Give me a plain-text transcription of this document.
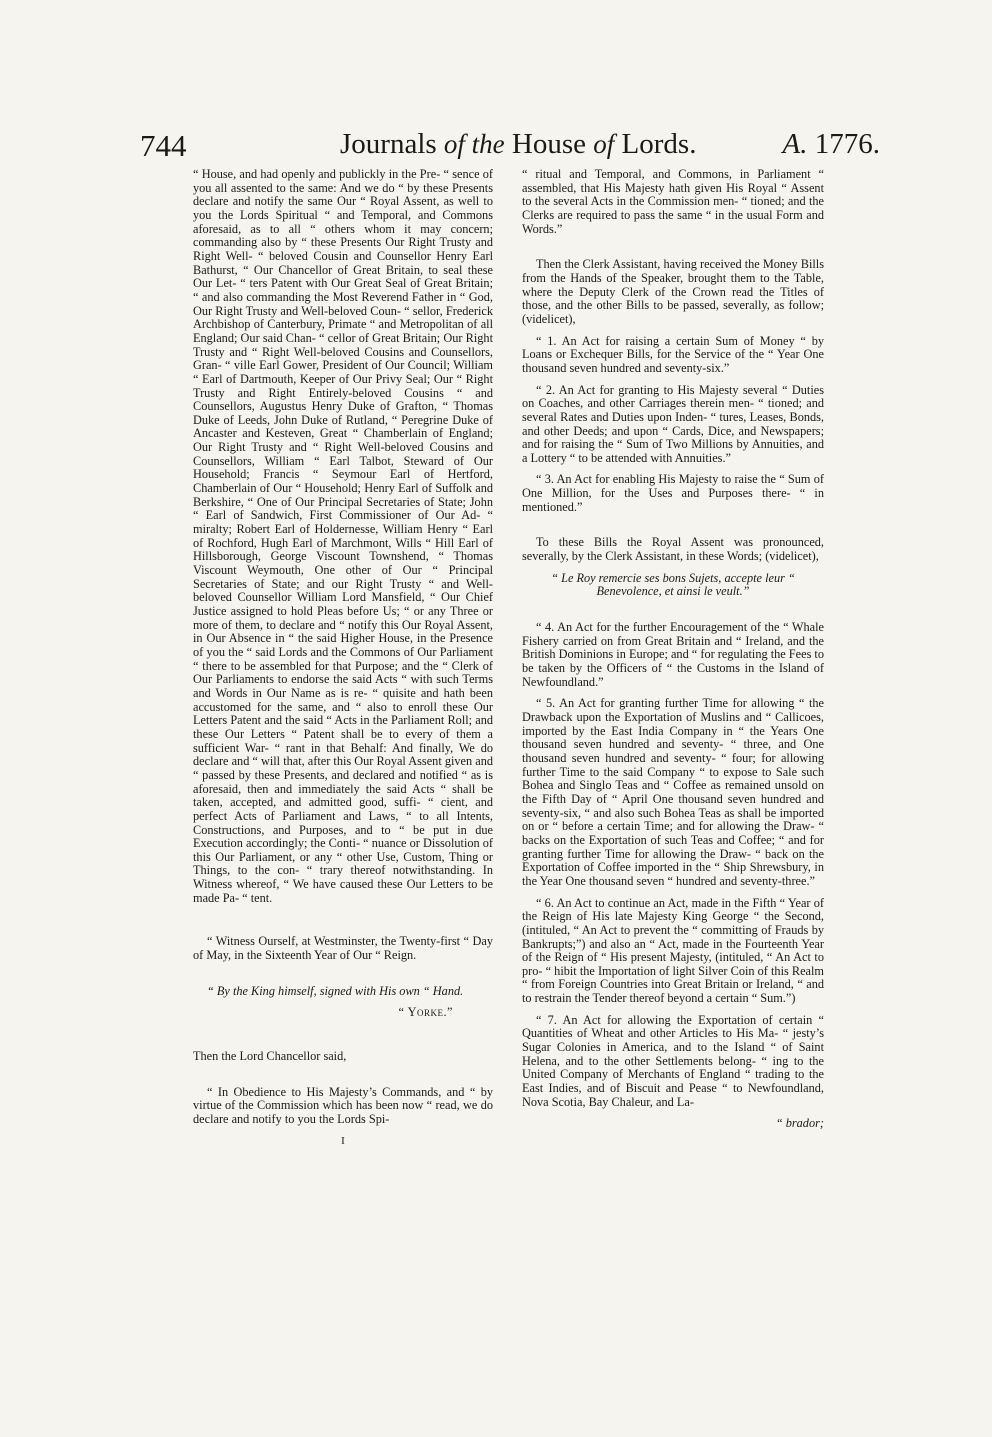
744	Journals of the House of Lords.	A. 1776.

“ House, and had openly and publickly in the Pre- “ sence of you all assented to the same: And we do “ by these Presents declare and notify the same Our “ Royal Assent, as well to you the Lords Spiritual “ and Temporal, and Commons aforesaid, as to all “ others whom it may concern; commanding also by “ these Presents Our Right Trusty and Right Well- “ beloved Cousin and Counsellor Henry Earl Bathurst, “ Our Chancellor of Great Britain, to seal these Our Let- “ ters Patent with Our Great Seal of Great Britain; “ and also commanding the Most Reverend Father in “ God, Our Right Trusty and Well-beloved Coun- “ sellor, Frederick Archbishop of Canterbury, Primate “ and Metropolitan of all England; Our said Chan- “ cellor of Great Britain; Our Right Trusty and “ Right Well-beloved Cousins and Counsellors, Gran- “ ville Earl Gower, President of Our Council; William “ Earl of Dartmouth, Keeper of Our Privy Seal; Our “ Right Trusty and Right Entirely-beloved Cousins “ and Counsellors, Augustus Henry Duke of Grafton, “ Thomas Duke of Leeds, John Duke of Rutland, “ Peregrine Duke of Ancaster and Kesteven, Great “ Chamberlain of England; Our Right Trusty and “ Right Well-beloved Cousins and Counsellors, William “ Earl Talbot, Steward of Our Household; Francis “ Seymour Earl of Hertford, Chamberlain of Our “ Household; Henry Earl of Suffolk and Berkshire, “ One of Our Principal Secretaries of State; John “ Earl of Sandwich, First Commissioner of Our Ad- “ miralty; Robert Earl of Holdernesse, William Henry “ Earl of Rochford, Hugh Earl of Marchmont, Wills “ Hill Earl of Hillsborough, George Viscount Townshend, “ Thomas Viscount Weymouth, One other of Our “ Principal Secretaries of State; and our Right Trusty “ and Well-beloved Counsellor William Lord Mansfield, “ Our Chief Justice assigned to hold Pleas before Us; “ or any Three or more of them, to declare and “ notify this Our Royal Assent, in Our Absence in “ the said Higher House, in the Presence of you the “ said Lords and the Commons of Our Parliament “ there to be assembled for that Purpose; and the “ Clerk of Our Parliaments to endorse the said Acts “ with such Terms and Words in Our Name as is re- “ quisite and hath been accustomed for the same, and “ also to enroll these Our Letters Patent and the said “ Acts in the Parliament Roll; and these Our Letters “ Patent shall be to every of them a sufficient War- “ rant in that Behalf: And finally, We do declare and “ will that, after this Our Royal Assent given and “ passed by these Presents, and declared and notified “ as is aforesaid, then and immediately the said Acts “ shall be taken, accepted, and admitted good, suffi- “ cient, and perfect Acts of Parliament and Laws, “ to all Intents, Constructions, and Purposes, and to “ be put in due Execution accordingly; the Conti- “ nuance or Dissolution of this Our Parliament, or any “ other Use, Custom, Thing or Things, to the con- “ trary thereof notwithstanding. In Witness whereof, “ We have caused these Our Letters to be made Pa- “ tent.

“ Witness Ourself, at Westminster, the Twenty-first “ Day of May, in the Sixteenth Year of Our “ Reign.

“ By the King himself, signed with His own “ Hand.

“ Yorke.”

Then the Lord Chancellor said,

“ In Obedience to His Majesty’s Commands, and “ by virtue of the Commission which has been now “ read, we do declare and notify to you the Lords Spi-

I

“ ritual and Temporal, and Commons, in Parliament “ assembled, that His Majesty hath given His Royal “ Assent to the several Acts in the Commission men- “ tioned; and the Clerks are required to pass the same “ in the usual Form and Words.”

Then the Clerk Assistant, having received the Money Bills from the Hands of the Speaker, brought them to the Table, where the Deputy Clerk of the Crown read the Titles of those, and the other Bills to be passed, severally, as follow; (videlicet),

“ 1. An Act for raising a certain Sum of Money “ by Loans or Exchequer Bills, for the Service of the “ Year One thousand seven hundred and seventy-six.”

“ 2. An Act for granting to His Majesty several “ Duties on Coaches, and other Carriages therein men- “ tioned; and several Rates and Duties upon Inden- “ tures, Leases, Bonds, and other Deeds; and upon “ Cards, Dice, and Newspapers; and for raising the “ Sum of Two Millions by Annuities, and a Lottery “ to be attended with Annuities.”

“ 3. An Act for enabling His Majesty to raise the “ Sum of One Million, for the Uses and Purposes there- “ in mentioned.”

To these Bills the Royal Assent was pronounced, severally, by the Clerk Assistant, in these Words; (videlicet),

“ Le Roy remercie ses bons Sujets, accepte leur “ Benevolence, et ainsi le veult.”

“ 4. An Act for the further Encouragement of the “ Whale Fishery carried on from Great Britain and “ Ireland, and the British Dominions in Europe; and “ for regulating the Fees to be taken by the Officers of “ the Customs in the Island of Newfoundland.”

“ 5. An Act for granting further Time for allowing “ the Drawback upon the Exportation of Muslins and “ Callicoes, imported by the East India Company in “ the Years One thousand seven hundred and seventy- “ three, and One thousand seven hundred and seventy- “ four; for allowing further Time to the said Company “ to expose to Sale such Bohea and Singlo Teas and “ Coffee as remained unsold on the Fifth Day of “ April One thousand seven hundred and seventy-six, “ and also such Bohea Teas as shall be imported on or “ before a certain Time; and for allowing the Draw- “ backs on the Exportation of such Teas and Coffee; “ and for granting further Time for allowing the Draw- “ back on the Exportation of Coffee imported in the “ Ship Shrewsbury, in the Year One thousand seven “ hundred and seventy-three.”

“ 6. An Act to continue an Act, made in the Fifth “ Year of the Reign of His late Majesty King George “ the Second, (intituled, “ An Act to prevent the “ committing of Frauds by Bankrupts;”) and also an “ Act, made in the Fourteenth Year of the Reign of “ His present Majesty, (intituled, “ An Act to pro- “ hibit the Importation of light Silver Coin of this Realm “ from Foreign Countries into Great Britain or Ireland, “ and to restrain the Tender thereof beyond a certain “ Sum.”)

“ 7. An Act for allowing the Exportation of certain “ Quantities of Wheat and other Articles to His Ma- “ jesty’s Sugar Colonies in America, and to the Island “ of Saint Helena, and to the other Settlements belong- “ ing to the United Company of Merchants of England “ trading to the East Indies, and of Biscuit and Pease “ to Newfoundland, Nova Scotia, Bay Chaleur, and La-

“ brador;
